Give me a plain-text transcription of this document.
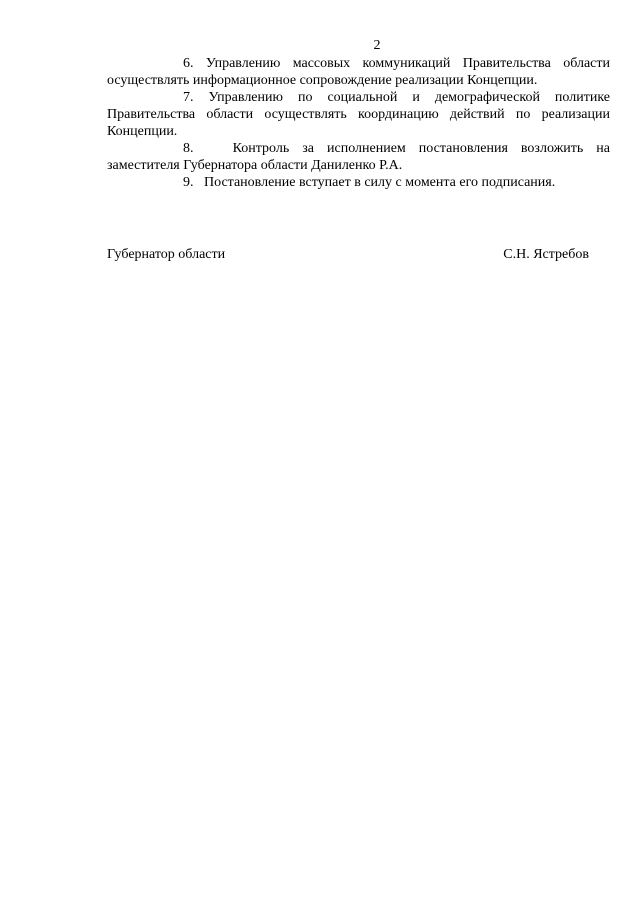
2

6. Управлению массовых коммуникаций Правительства области осуществлять информационное сопровождение реализации Концепции.

7. Управлению по социальной и демографической политике Правительства области осуществлять координацию действий по реализации Концепции.

8.	Контроль за исполнением постановления возложить на заместителя Губернатора области Даниленко Р.А.

9. Постановление вступает в силу с момента его подписания.

Губернатор области	С.Н. Ястребов
